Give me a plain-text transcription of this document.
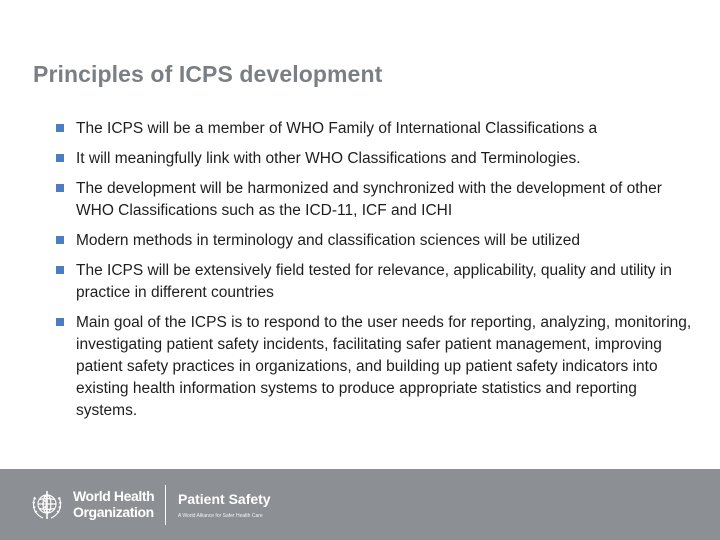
Principles of ICPS development
The ICPS will be a member of WHO Family of International Classifications a
It will meaningfully link with other WHO Classifications and Terminologies.
The development will be harmonized and synchronized with the development of other WHO Classifications such as the ICD-11, ICF and ICHI
Modern methods in terminology and classification sciences will be utilized
The ICPS will be extensively field tested for relevance, applicability, quality and utility in practice in different countries
Main goal of the ICPS is to respond to the user needs for reporting, analyzing, monitoring, investigating patient safety incidents, facilitating safer patient management, improving patient safety practices in organizations, and building up patient safety indicators into existing health information systems to produce appropriate statistics and reporting systems.
World Health
Organization
Patient Safety
A World Alliance for Safer Health Care
